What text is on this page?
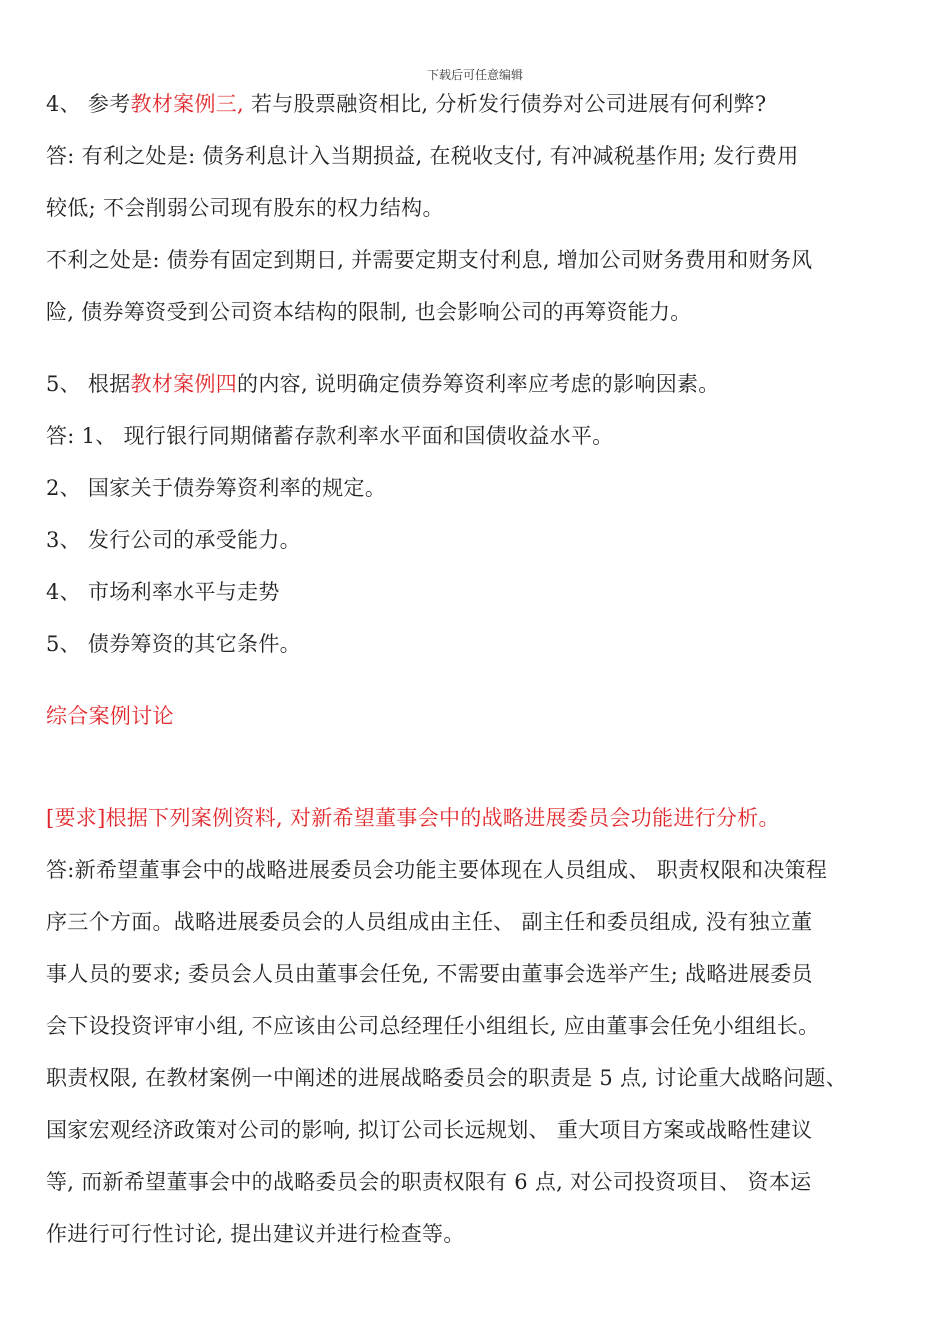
下载后可任意编辑
4、 参考教材案例三, 若与股票融资相比, 分析发行债券对公司进展有何利弊?
答: 有利之处是: 债务利息计入当期损益, 在税收支付, 有冲减税基作用; 发行费用
较低; 不会削弱公司现有股东的权力结构。
不利之处是: 债券有固定到期日, 并需要定期支付利息, 增加公司财务费用和财务风
险, 债券筹资受到公司资本结构的限制, 也会影响公司的再筹资能力。
5、 根据教材案例四的内容, 说明确定债券筹资利率应考虑的影响因素。
答: 1、 现行银行同期储蓄存款利率水平面和国债收益水平。
2、 国家关于债券筹资利率的规定。
3、 发行公司的承受能力。
4、 市场利率水平与走势
5、 债券筹资的其它条件。
综合案例讨论
[要求]根据下列案例资料, 对新希望董事会中的战略进展委员会功能进行分析。
答:新希望董事会中的战略进展委员会功能主要体现在人员组成、 职责权限和决策程
序三个方面。战略进展委员会的人员组成由主任、 副主任和委员组成, 没有独立董
事人员的要求; 委员会人员由董事会任免, 不需要由董事会选举产生; 战略进展委员
会下设投资评审小组, 不应该由公司总经理任小组组长, 应由董事会任免小组组长。
职责权限, 在教材案例一中阐述的进展战略委员会的职责是 5 点, 讨论重大战略问题、
国家宏观经济政策对公司的影响, 拟订公司长远规划、 重大项目方案或战略性建议
等, 而新希望董事会中的战略委员会的职责权限有 6 点, 对公司投资项目、 资本运
作进行可行性讨论, 提出建议并进行检查等。
